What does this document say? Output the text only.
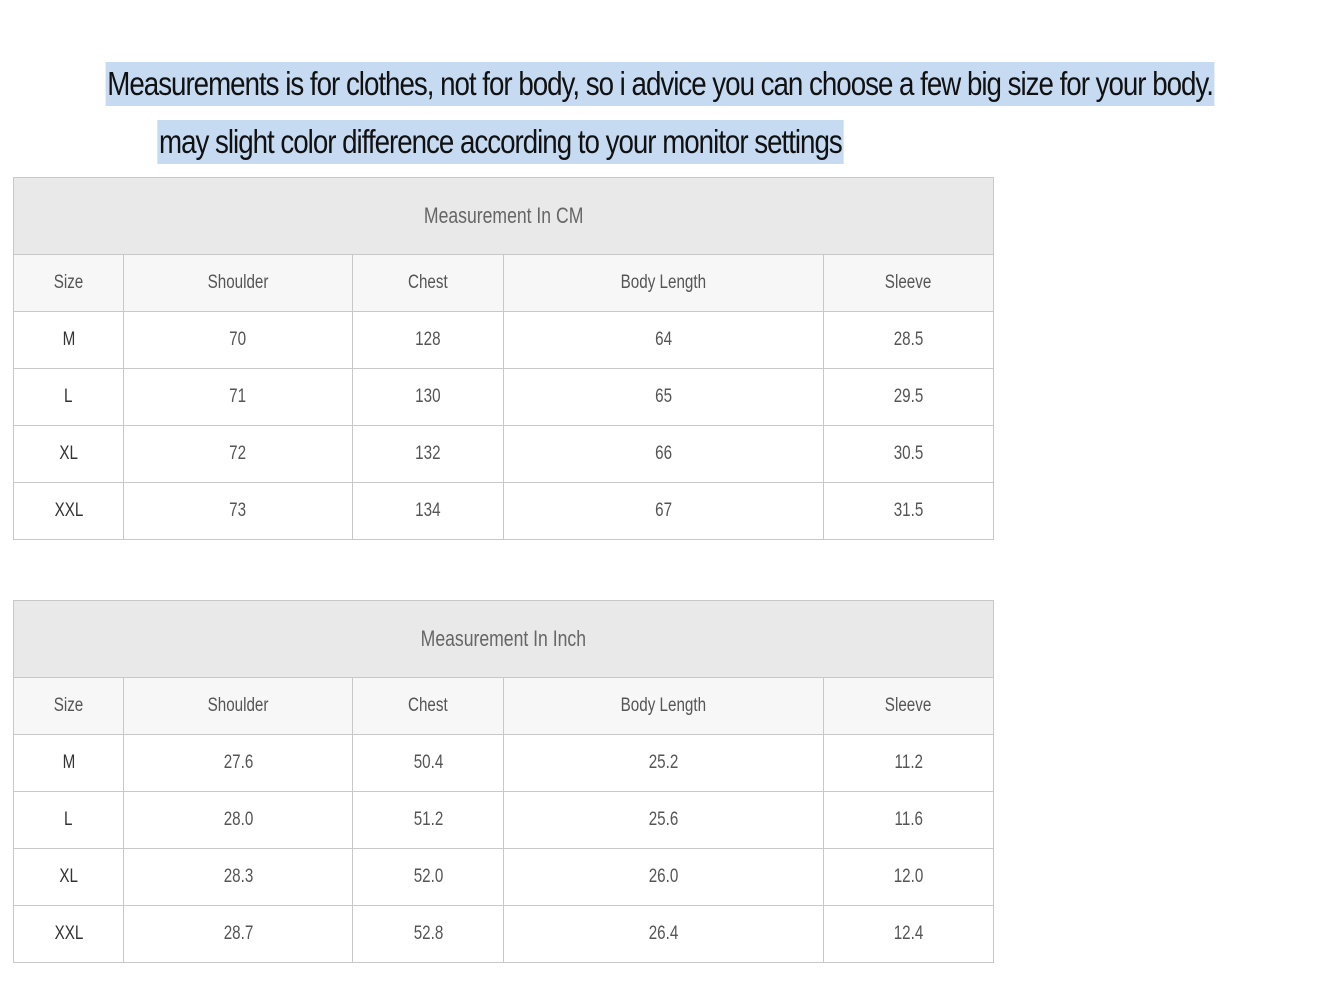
Measurements is for clothes, not for body, so i advice you can choose a few big size for your body.
may slight color difference according to your monitor settings
Measurement In CM				
Size	Shoulder	Chest	Body Length	Sleeve
M	70	128	64	28.5
L	71	130	65	29.5
XL	72	132	66	30.5
XXL	73	134	67	31.5
Measurement In Inch				
Size	Shoulder	Chest	Body Length	Sleeve
M	27.6	50.4	25.2	11.2
L	28.0	51.2	25.6	11.6
XL	28.3	52.0	26.0	12.0
XXL	28.7	52.8	26.4	12.4
